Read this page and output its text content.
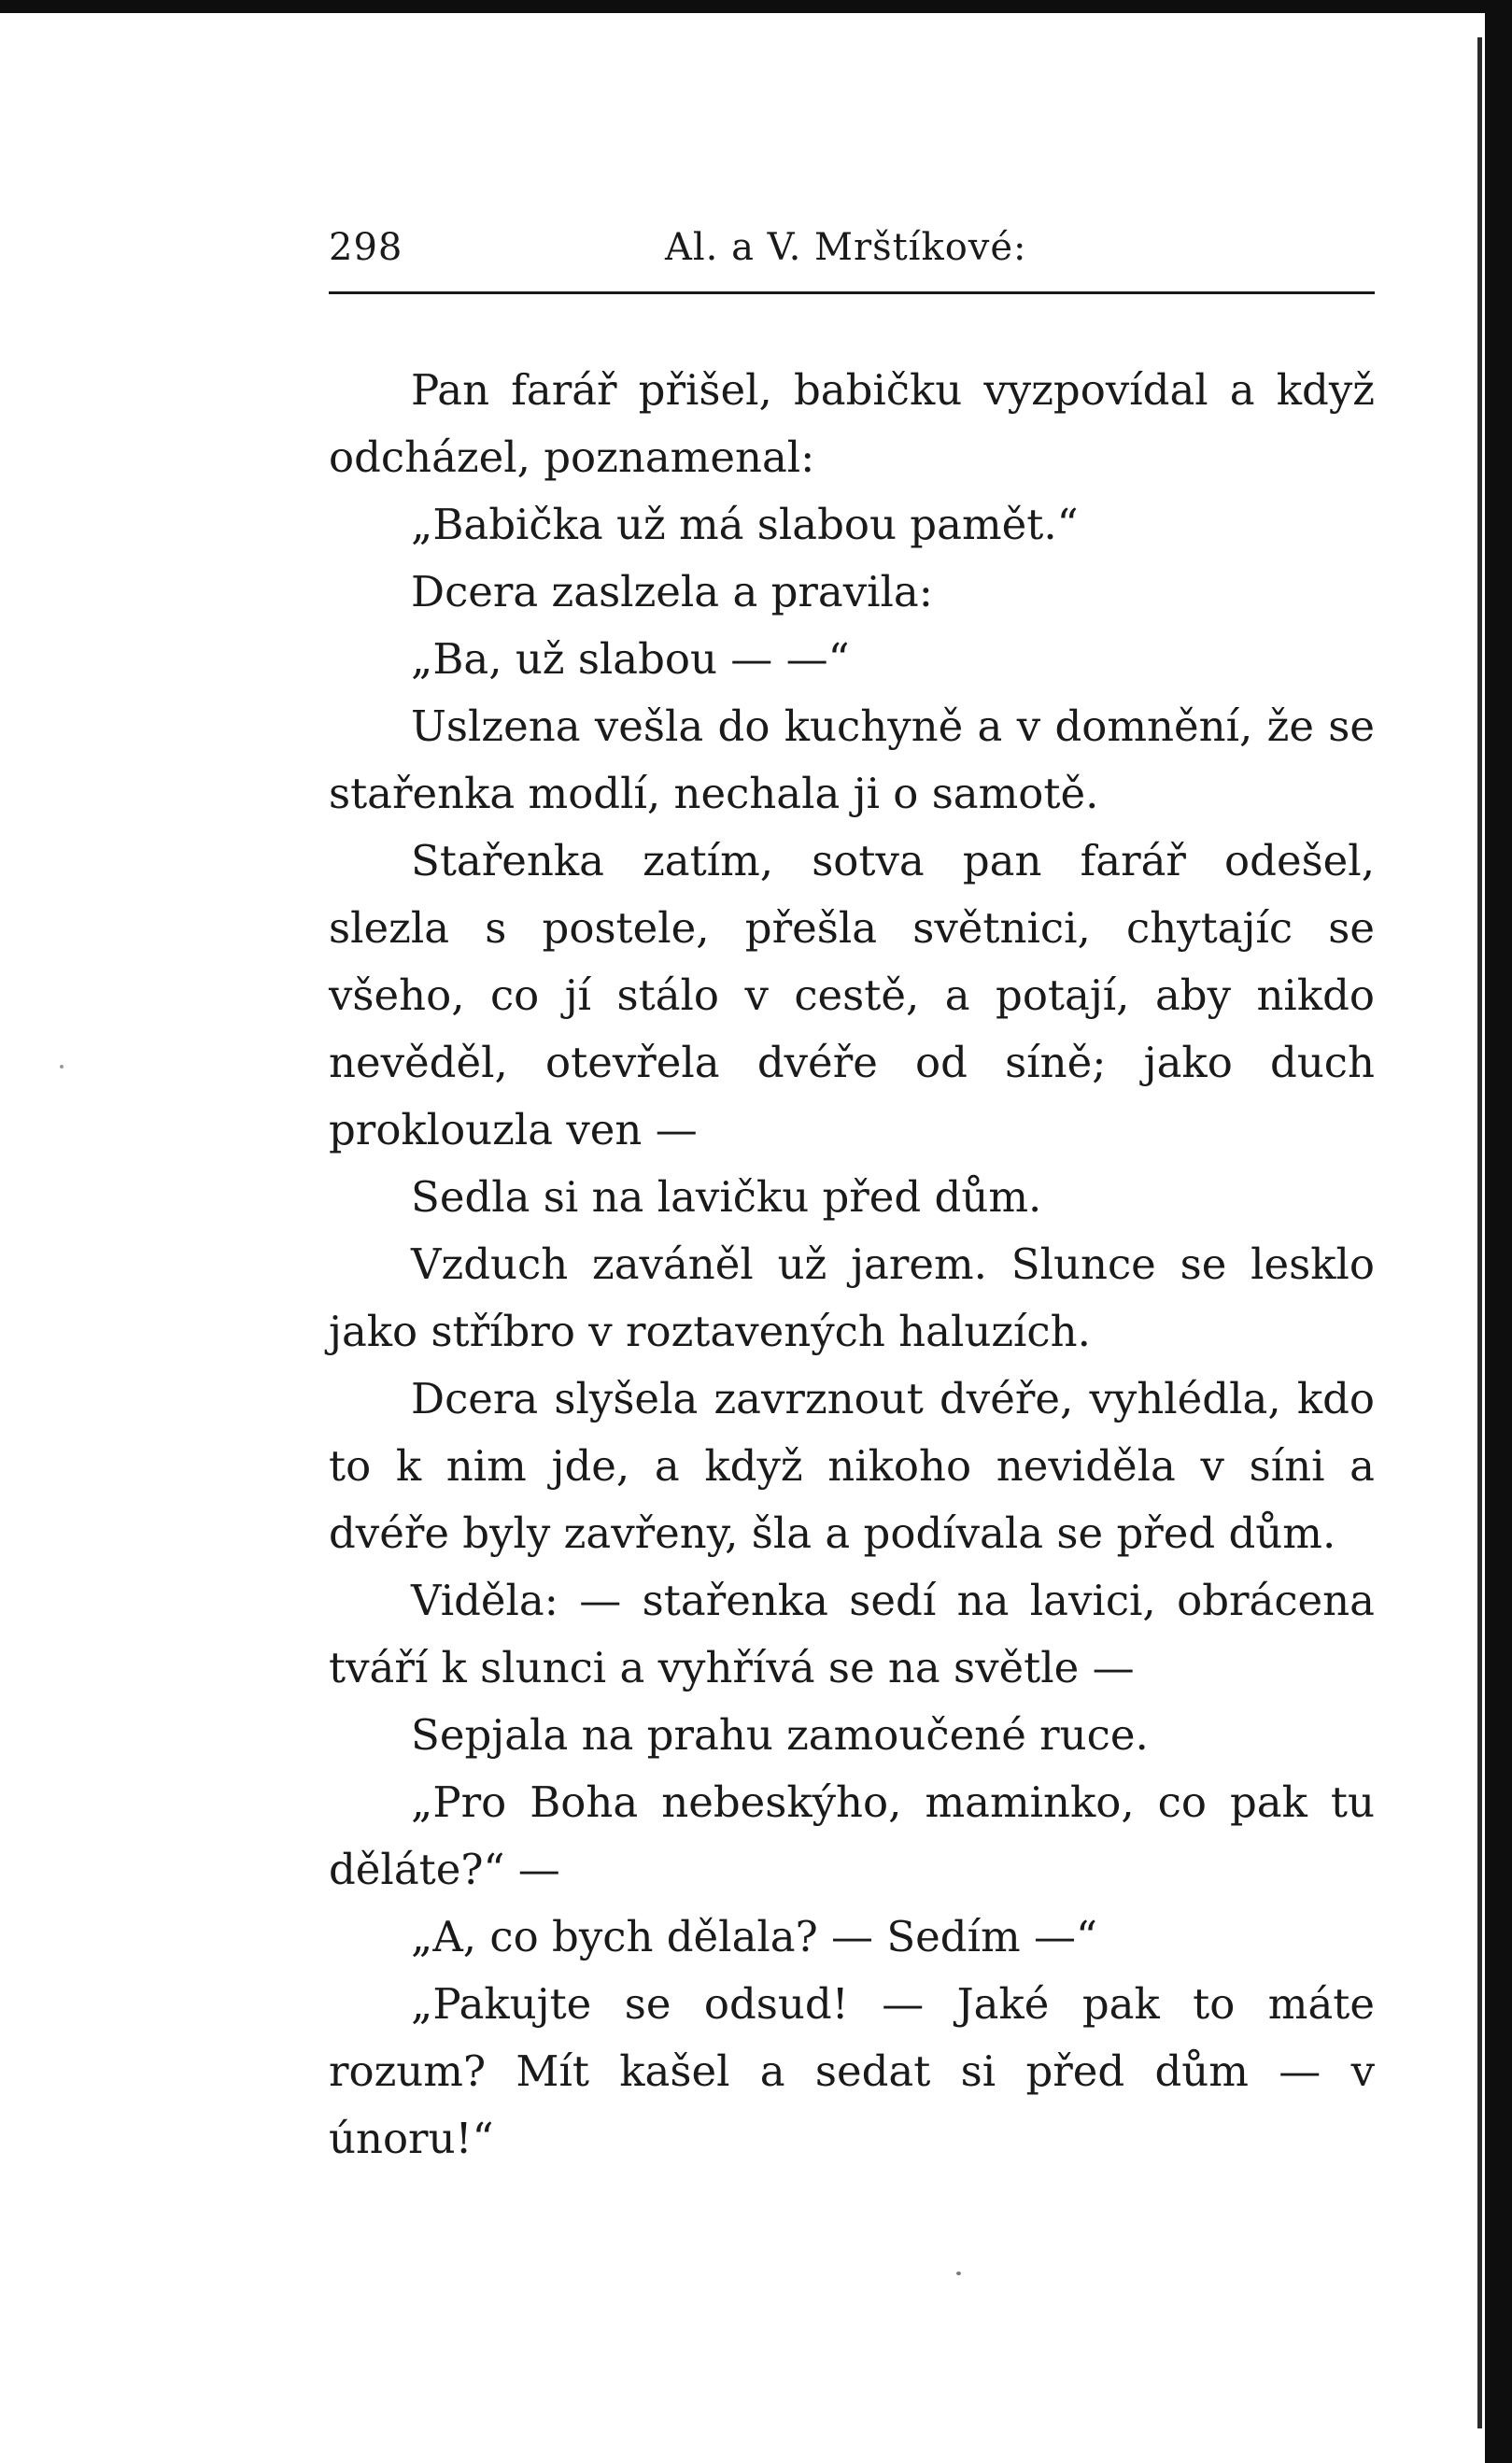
298	Al. a V. Mrštíkové:

Pan farář přišel, babičku vyzpovídal a když odcházel, poznamenal:

„Babička už má slabou pamět.“

Dcera zaslzela a pravila:

„Ba, už slabou — —“

Uslzena vešla do kuchyně a v domnění, že se stařenka modlí, nechala ji o samotě.

Stařenka zatím, sotva pan farář odešel, slezla s postele, přešla světnici, chytajíc se všeho, co jí stálo v cestě, a potají, aby nikdo nevěděl, otevřela dvéře od síně; jako duch proklouzla ven —

Sedla si na lavičku před dům.

Vzduch zaváněl už jarem. Slunce se lesklo jako stříbro v roztavených haluzích.

Dcera slyšela zavrznout dvéře, vyhlédla, kdo to k nim jde, a když nikoho neviděla v síni a dvéře byly zavřeny, šla a podívala se před dům.

Viděla: — stařenka sedí na lavici, obrácena tváří k slunci a vyhřívá se na světle —

Sepjala na prahu zamoučené ruce.

„Pro Boha nebeskýho, maminko, co pak tu děláte?“ —

„A, co bych dělala? — Sedím —“

„Pakujte se odsud! — Jaké pak to máte rozum? Mít kašel a sedat si před dům — v únoru!“
